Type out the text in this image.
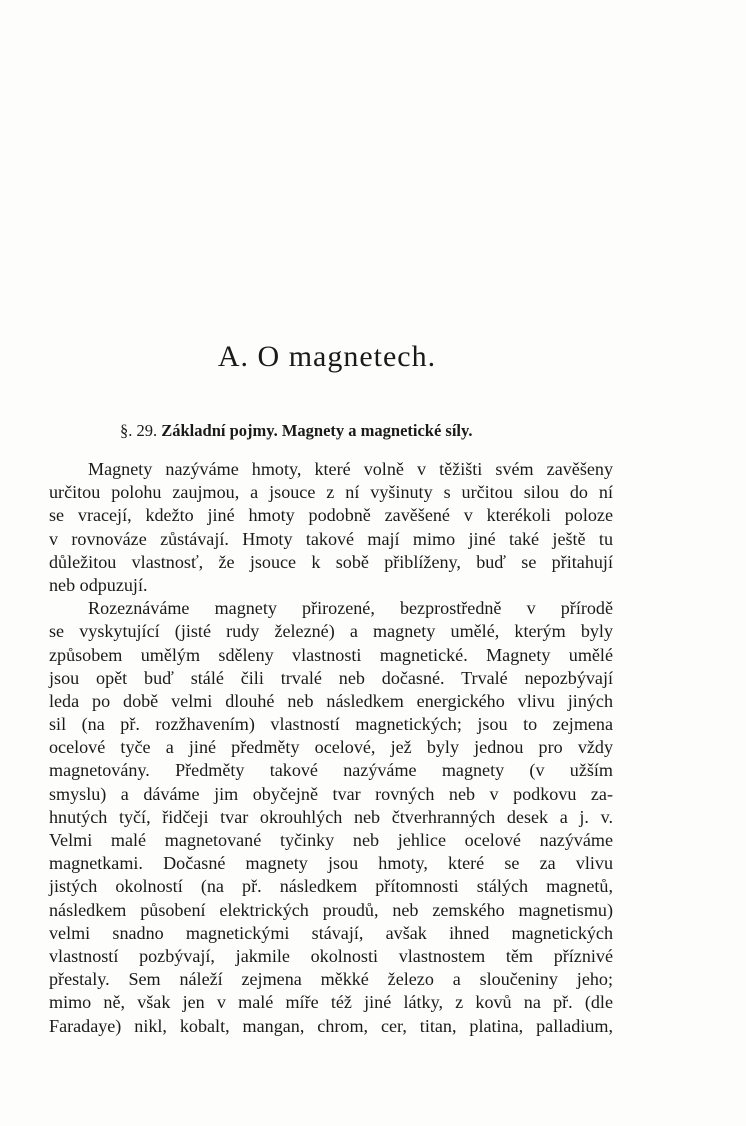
A. O magnetech.
§. 29. Základní pojmy. Magnety a magnetické síly.
Magnety nazýváme hmoty, které volně v těžišti svém zavěšeny
určitou polohu zaujmou, a jsouce z ní vyšinuty s určitou silou do ní
se vracejí, kdežto jiné hmoty podobně zavěšené v kterékoli poloze
v rovnováze zůstávají. Hmoty takové mají mimo jiné také ještě tu
důležitou vlastnosť, že jsouce k sobě přiblíženy, buď se přitahují
neb odpuzují.
Rozeznáváme magnety přirozené, bezprostředně v přírodě
se vyskytující (jisté rudy železné) a magnety umělé, kterým byly
způsobem umělým sděleny vlastnosti magnetické. Magnety umělé
jsou opět buď stálé čili trvalé neb dočasné. Trvalé nepozbývají
leda po době velmi dlouhé neb následkem energického vlivu jiných
sil (na př. rozžhavením) vlastností magnetických; jsou to zejmena
ocelové tyče a jiné předměty ocelové, jež byly jednou pro vždy
magnetovány. Předměty takové nazýváme magnety (v užším
smyslu) a dáváme jim obyčejně tvar rovných neb v podkovu za-
hnutých tyčí, řidčeji tvar okrouhlých neb čtverhranných desek a j. v.
Velmi malé magnetované tyčinky neb jehlice ocelové nazýváme
magnetkami. Dočasné magnety jsou hmoty, které se za vlivu
jistých okolností (na př. následkem přítomnosti stálých magnetů,
následkem působení elektrických proudů, neb zemského magnetismu)
velmi snadno magnetickými stávají, avšak ihned magnetických
vlastností pozbývají, jakmile okolnosti vlastnostem těm příznivé
přestaly. Sem náleží zejmena měkké železo a sloučeniny jeho;
mimo ně, však jen v malé míře též jiné látky, z kovů na př. (dle
Faradaye) nikl, kobalt, mangan, chrom, cer, titan, platina, palladium,
